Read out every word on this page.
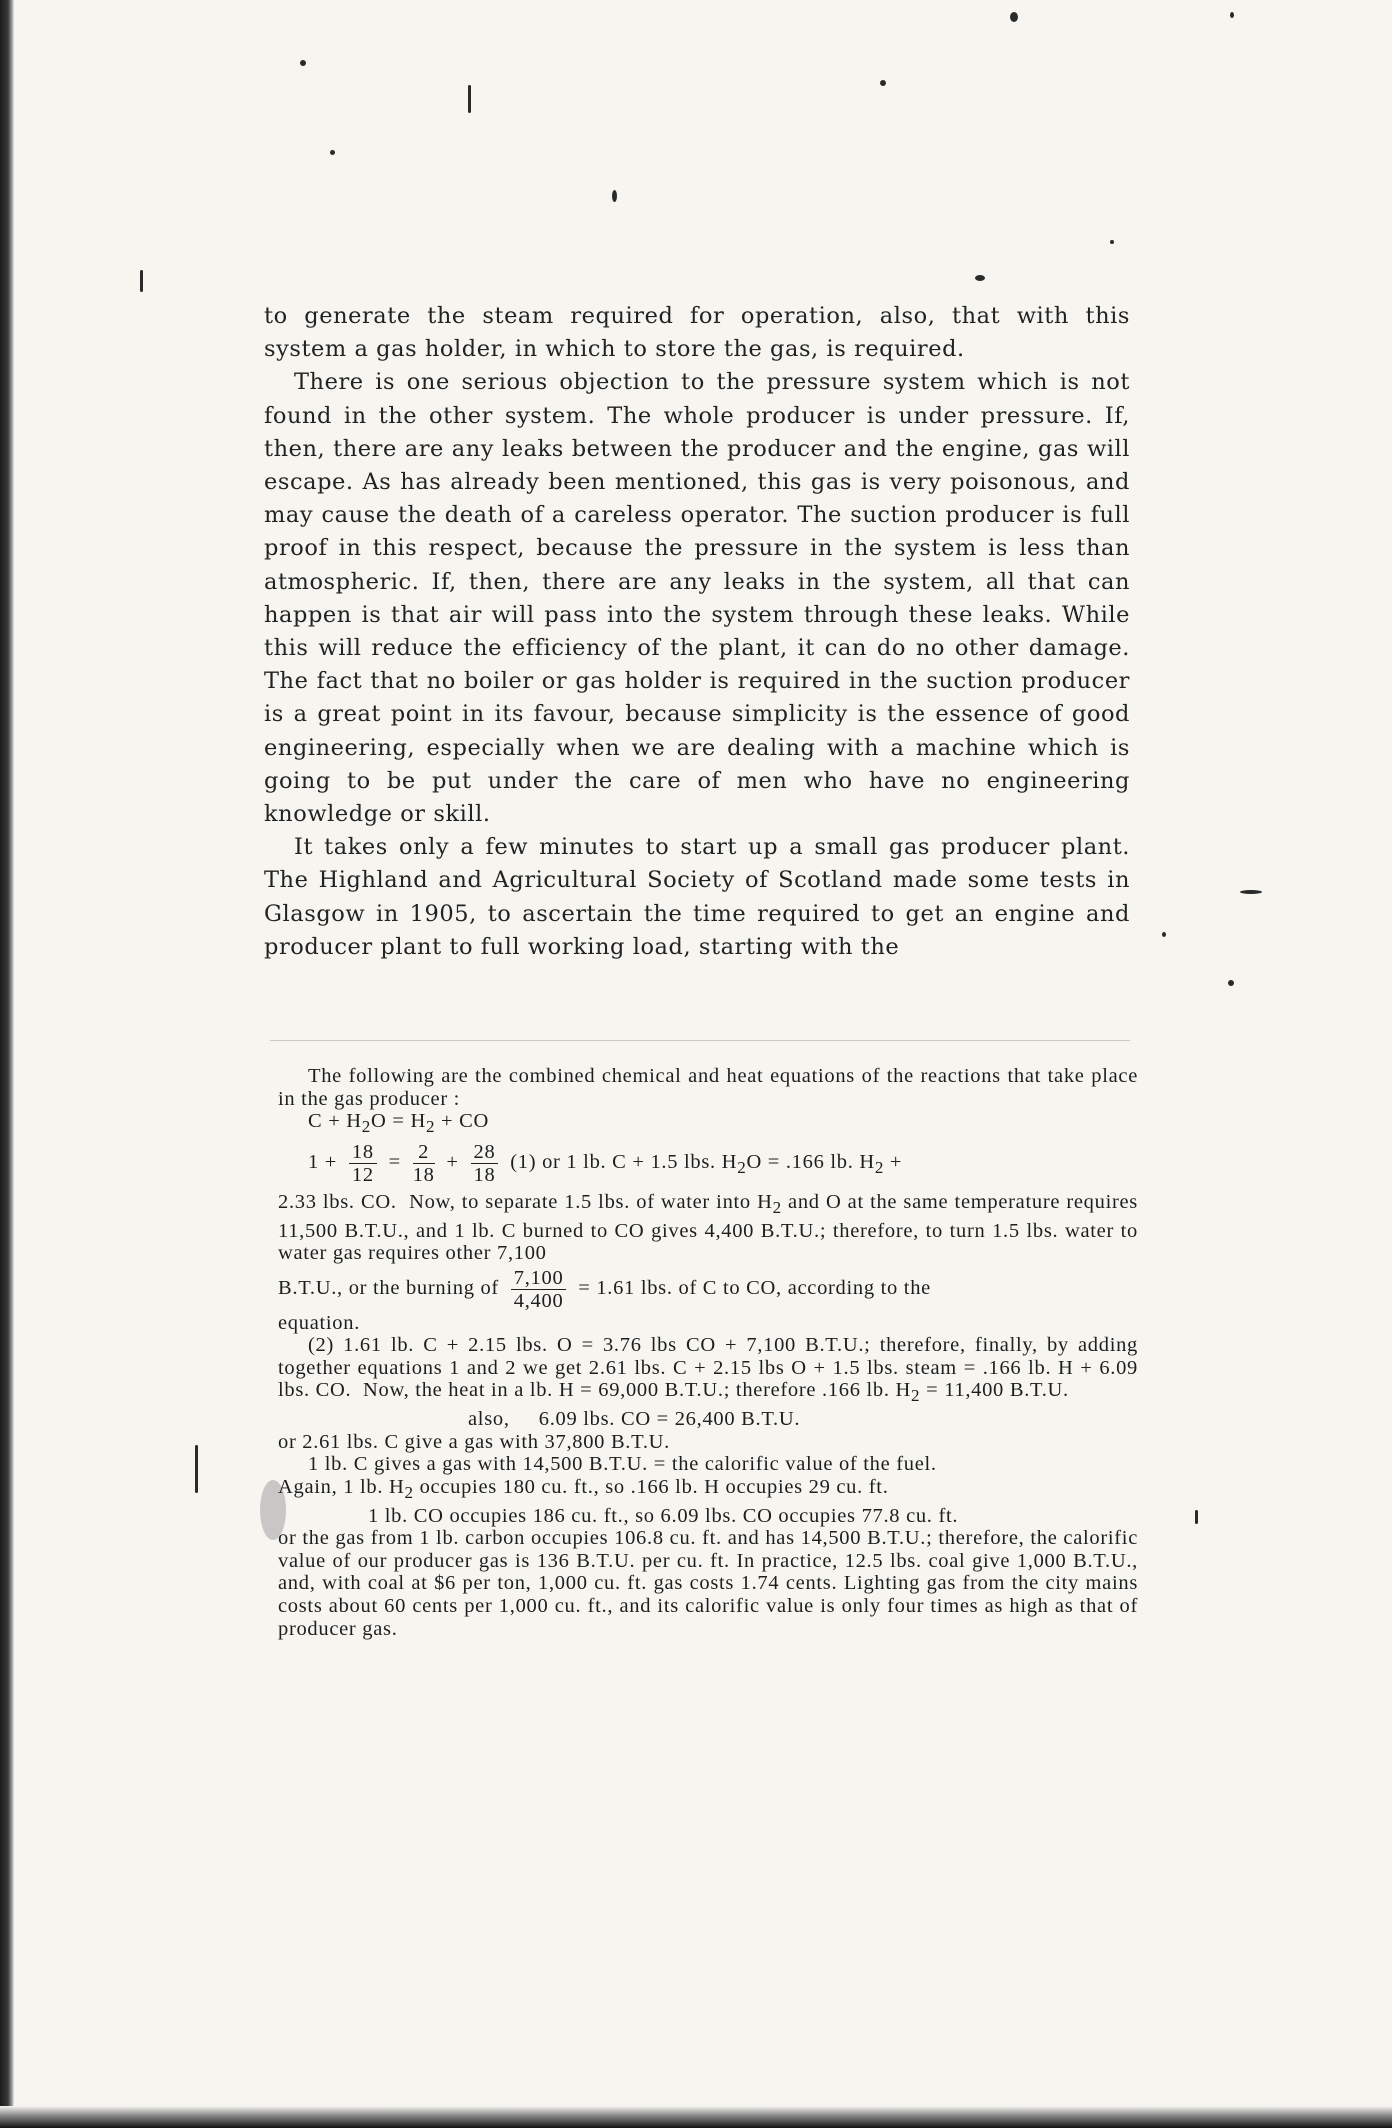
to generate the steam required for operation, also, that with this system a gas holder, in which to store the gas, is required.

There is one serious objection to the pressure system which is not found in the other system. The whole producer is under pressure. If, then, there are any leaks between the producer and the engine, gas will escape. As has already been mentioned, this gas is very poisonous, and may cause the death of a careless operator. The suction producer is full proof in this respect, because the pressure in the system is less than atmospheric. If, then, there are any leaks in the system, all that can happen is that air will pass into the system through these leaks. While this will reduce the efficiency of the plant, it can do no other damage. The fact that no boiler or gas holder is required in the suction producer is a great point in its favour, because simplicity is the essence of good engineering, especially when we are dealing with a machine which is going to be put under the care of men who have no engineering knowledge or skill.

It takes only a few minutes to start up a small gas producer plant. The Highland and Agricultural Society of Scotland made some tests in Glasgow in 1905, to ascertain the time required to get an engine and producer plant to full working load, starting with the

The following are the combined chemical and heat equations of the reactions that take place in the gas producer :

$C + H_2O = H_2$ + CO

$1 + \frac{18}{12} = \frac{2}{18} + \frac{28}{18} (1)$ or 1 lb. C + 1.5 lbs. $H_2O = .166$ lb. $H_2$ +

2.33 lbs. CO.  Now, to separate 1.5 lbs. of water into $H_2$ and O at the same temperature requires 11,500 B.T.U., and 1 lb. C burned to CO gives 4,400 B.T.U.; therefore, to turn 1.5 lbs. water to water gas requires other 7,100

B.T.U., or the burning of $\frac{7,100}{4,400} = 1.61$ lbs. of C to CO, according to the

equation.

(2) 1.61 lb. C + 2.15 lbs. O = 3.76 lbs CO + 7,100 B.T.U.; therefore, finally, by adding together equations 1 and 2 we get 2.61 lbs. C + 2.15 lbs O + 1.5 lbs. steam = .166 lb. H + 6.09 lbs. CO.  Now, the heat in a lb. H = 69,000 B.T.U.; therefore .166 lb. $H_2 = 11,400$ B.T.U.

also,     6.09 lbs. CO = 26,400 B.T.U.

or 2.61 lbs. C give a gas with 37,800 B.T.U.

1 lb. C gives a gas with 14,500 B.T.U. = the calorific value of the fuel.

Again, 1 lb. $H_2$ occupies 180 cu. ft., so .166 lb. H occupies 29 cu. ft.

1 lb. CO occupies 186 cu. ft., so 6.09 lbs. CO occupies 77.8 cu. ft.

or the gas from 1 lb. carbon occupies 106.8 cu. ft. and has 14,500 B.T.U.; therefore, the calorific value of our producer gas is 136 B.T.U. per cu. ft. In practice, 12.5 lbs. coal give 1,000 B.T.U., and, with coal at $6 per ton, 1,000 cu. ft. gas costs 1.74 cents. Lighting gas from the city mains costs about 60 cents per 1,000 cu. ft., and its calorific value is only four times as high as that of producer gas.
